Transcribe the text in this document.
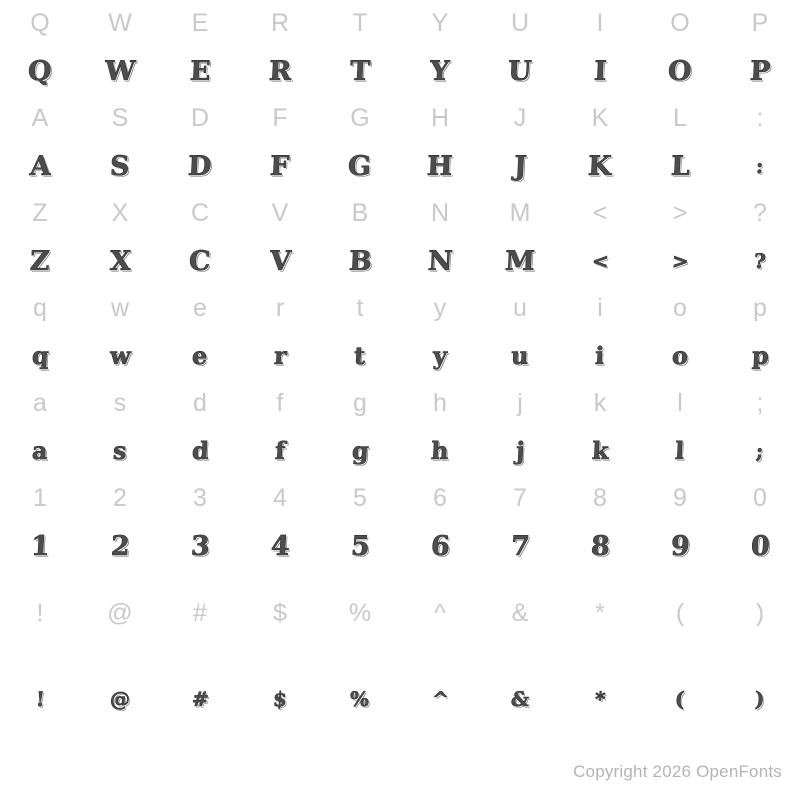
Q W E	R	T	Y	U	I	O P
Q W E R T Y U I O P
A	S	D	F	G H	J	K	L	:
A S D F G H J K L	:
Z	X	C	V	B	N M <	>	?
Z X C V B N M	<	>	?
q	w	e	r	t	y	u	i	o	p
q w	e	r	t	y	u	i	o	p
a	s	d	f	g	h	j	k	l	;
a	s	d	f	g	h	j	k	l	;
1	2	3	4	5	6	7	8	9	0
1 2 3 4 5 6 7 8 9 0
!	@ #	$ %	^	&	*	(	)
!	@	#	$	%	^	&	*	(	)
Copyright 2026 OpenFonts
